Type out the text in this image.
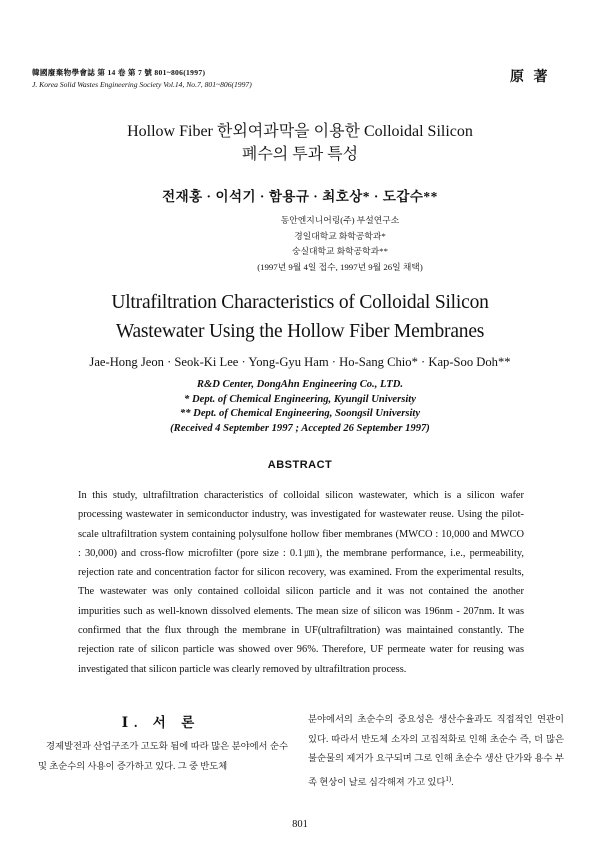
韓國廢棄物學會誌 第 14 卷 第 7 號 801~806(1997)
J. Korea Solid Wastes Engineering Society Vol.14, No.7, 801~806(1997)	原 著
Hollow Fiber 한외여과막을 이용한 Colloidal Silicon
폐수의 투과 특성
전재홍 · 이석기 · 함용규 · 최호상* · 도갑수**
동안엔지니어링(주) 부설연구소
경일대학교 화학공학과*
숭실대학교 화학공학과**
(1997년 9월 4일 접수, 1997년 9월 26일 채택)
Ultrafiltration Characteristics of Colloidal Silicon
Wastewater Using the Hollow Fiber Membranes
Jae-Hong Jeon · Seok-Ki Lee · Yong-Gyu Ham · Ho-Sang Chio* · Kap-Soo Doh**
R&D Center, DongAhn Engineering Co., LTD.
* Dept. of Chemical Engineering, Kyungil University
** Dept. of Chemical Engineering, Soongsil University
(Received 4 September 1997 ; Accepted 26 September 1997)
ABSTRACT
In this study, ultrafiltration characteristics of colloidal silicon wastewater, which is a silicon wafer processing wastewater in semiconductor industry, was investigated for wastewater reuse. Using the pilot-scale ultrafiltration system containing polysulfone hollow fiber membranes (MWCO : 10,000 and MWCO : 30,000) and cross-flow microfilter (pore size : 0.1㎛), the membrane performance, i.e., permeability, rejection rate and concentration factor for silicon recovery, was examined. From the experimental results, The wastewater was only contained colloidal silicon particle and it was not contained the another impurities such as well-known dissolved elements. The mean size of silicon was 196nm - 207nm. It was confirmed that the flux through the membrane in UF(ultrafiltration) was maintained constantly. The rejection rate of silicon particle was showed over 96%. Therefore, UF permeate water for reusing was investigated that silicon particle was clearly removed by ultrafiltration process.
Ⅰ. 서 론
경제발전과 산업구조가 고도화 됨에 따라 많은 분야에서 순수 및 초순수의 사용이 증가하고 있다. 그 중 반도체
분야에서의 초순수의 중요성은 생산수율과도 직접적인 연관이 있다. 따라서 반도체 소자의 고집적화로 인해 초순수 즉, 더 많은 불순물의 제거가 요구되며 그로 인해 초순수 생산 단가와 용수 부족 현상이 날로 심각해져 가고 있다$^{1)}$.
801
